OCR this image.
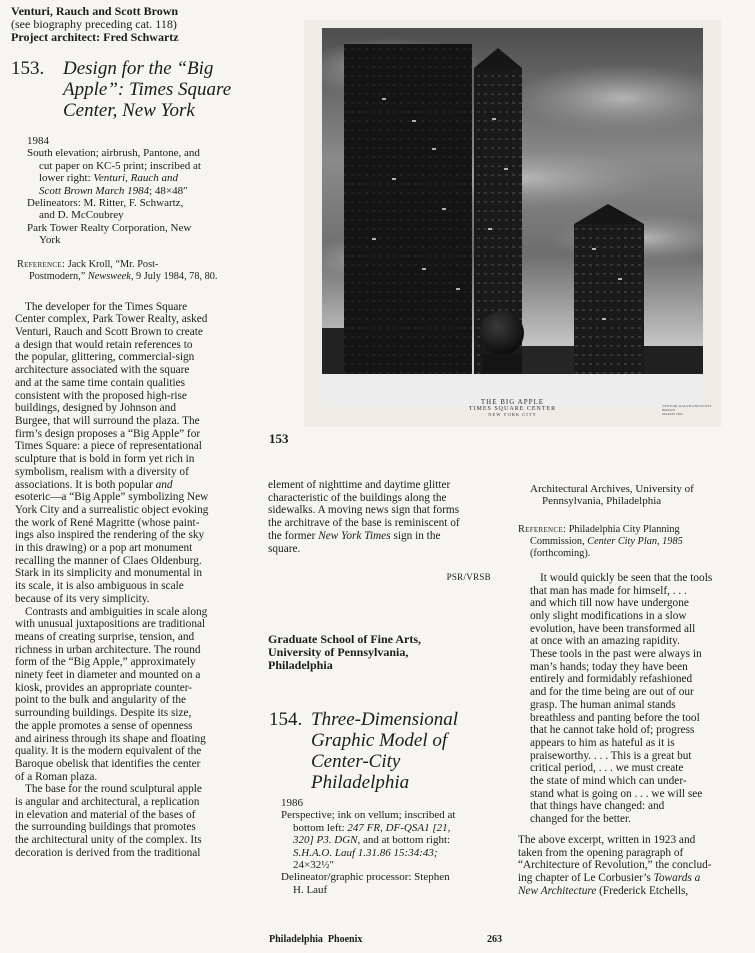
Venturi, Rauch and Scott Brown

(see biography preceding cat. 118)

Project architect: Fred Schwartz

153. Design for the “Big

Apple”: Times Square

Center, New York

1984

South elevation; airbrush, Pantone, and

cut paper on KC-5 print; inscribed at

lower right: Venturi, Rauch and

Scott Brown March 1984; 48×48″

Delineators: M. Ritter, F. Schwartz,

and D. McCoubrey

Park Tower Realty Corporation, New

York

Reference: Jack Kroll, “Mr. Post-

Postmodern,” Newsweek, 9 July 1984, 78, 80.

The developer for the Times Square

Center complex, Park Tower Realty, asked

Venturi, Rauch and Scott Brown to create

a design that would retain references to

the popular, glittering, commercial-sign

architecture associated with the square

and at the same time contain qualities

consistent with the proposed high-rise

buildings, designed by Johnson and

Burgee, that will surround the plaza. The

firm’s design proposes a “Big Apple” for

Times Square: a piece of representational

sculpture that is bold in form yet rich in

symbolism, realism with a diversity of

associations. It is both popular and

esoteric—a “Big Apple” symbolizing New

York City and a surrealistic object evoking

the work of René Magritte (whose paint-

ings also inspired the rendering of the sky

in this drawing) or a pop art monument

recalling the manner of Claes Oldenburg.

Stark in its simplicity and monumental in

its scale, it is also ambiguous in scale

because of its very simplicity.

Contrasts and ambiguities in scale along

with unusual juxtapositions are traditional

means of creating surprise, tension, and

richness in urban architecture. The round

form of the “Big Apple,” approximately

ninety feet in diameter and mounted on a

kiosk, provides an appropriate counter-

point to the bulk and angularity of the

surrounding buildings. Despite its size,

the apple promotes a sense of openness

and airiness through its shape and floating

quality. It is the modern equivalent of the

Baroque obelisk that identifies the center

of a Roman plaza.

The base for the round sculptural apple

is angular and architectural, a replication

in elevation and material of the bases of

the surrounding buildings that promotes

the architectural unity of the complex. Its

decoration is derived from the traditional

THE BIG APPLE

TIMES SQUARE CENTER

NEW YORK CITY

VENTURI, RAUCH AND SCOTT BROWN

MARCH 1984

153

element of nighttime and daytime glitter

characteristic of the buildings along the

sidewalks. A moving news sign that forms

the architrave of the base is reminiscent of

the former New York Times sign in the

square.

PSR/VRSB

Graduate School of Fine Arts,

University of Pennsylvania,

Philadelphia

154. Three-Dimensional

Graphic Model of

Center-City

Philadelphia

1986

Perspective; ink on vellum; inscribed at

bottom left: 247 FR, DF-QSA1 [21,

320] P3. DGN, and at bottom right:

S.H.A.O. Lauf 1.31.86 15:34:43;

24×32½″

Delineator/graphic processor: Stephen

H. Lauf

Architectural Archives, University of

Pennsylvania, Philadelphia

Reference: Philadelphia City Planning

Commission, Center City Plan, 1985

(forthcoming).

It would quickly be seen that the tools

that man has made for himself, . . .

and which till now have undergone

only slight modifications in a slow

evolution, have been transformed all

at once with an amazing rapidity.

These tools in the past were always in

man’s hands; today they have been

entirely and formidably refashioned

and for the time being are out of our

grasp. The human animal stands

breathless and panting before the tool

that he cannot take hold of; progress

appears to him as hateful as it is

praiseworthy. . . . This is a great but

critical period, . . . we must create

the state of mind which can under-

stand what is going on . . . we will see

that things have changed: and

changed for the better.

The above excerpt, written in 1923 and

taken from the opening paragraph of

“Architecture of Revolution,” the conclud-

ing chapter of Le Corbusier’s Towards a

New Architecture (Frederick Etchells,

Philadelphia  Phoenix	263
